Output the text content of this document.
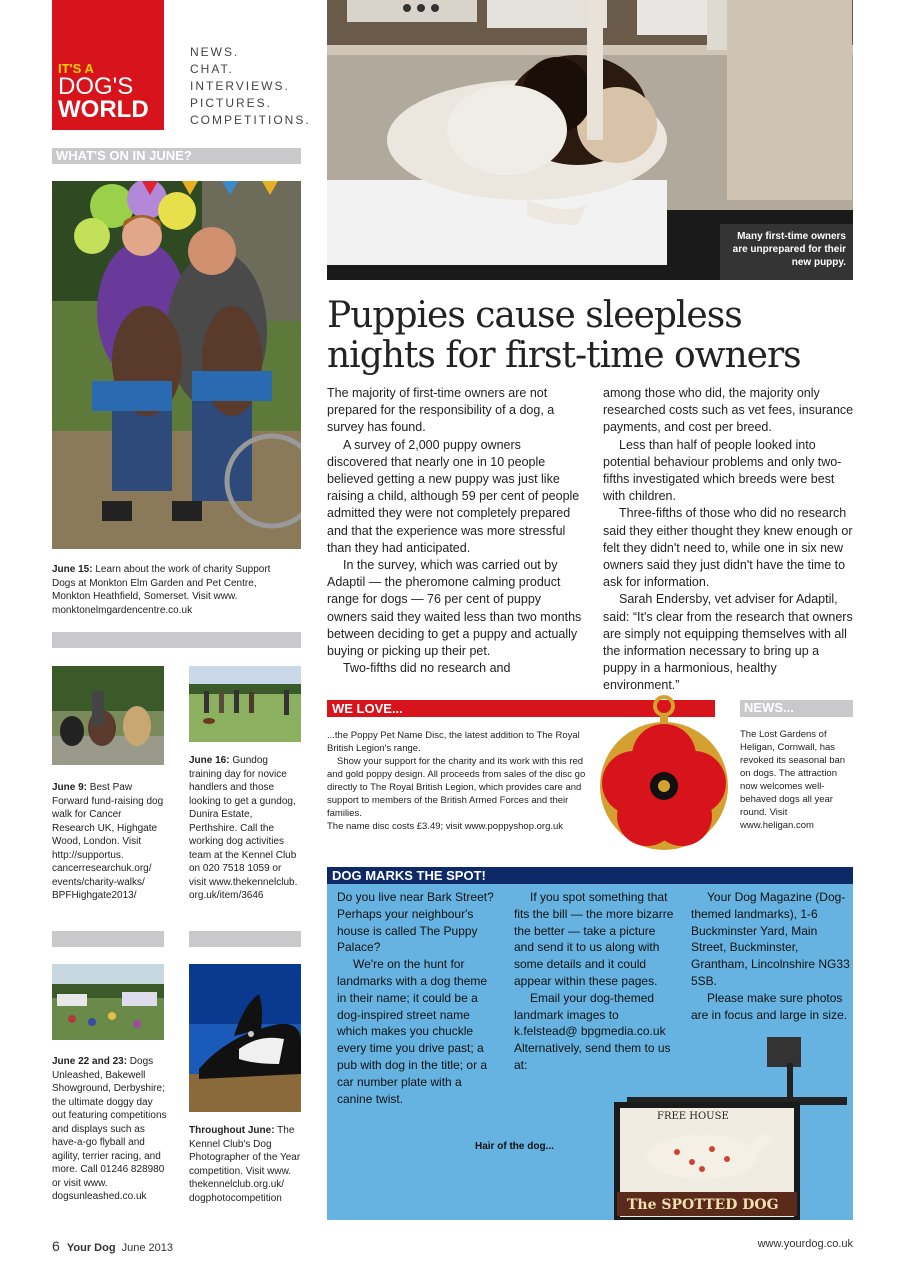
IT'S A
DOG'S
WORLD
NEWS.
CHAT.
INTERVIEWS.
PICTURES.
COMPETITIONS.
WHAT'S ON IN JUNE?
June 15: Learn about the work of charity Support Dogs at Monkton Elm Garden and Pet Centre, Monkton Heathfield, Somerset. Visit www. monktonelmgardencentre.co.uk
June 9: Best Paw Forward fund-raising dog walk for Cancer Research UK, Highgate Wood, London. Visit http://supportus. cancerresearchuk.org/ events/charity-walks/ BPFHighgate2013/
June 16: Gundog training day for novice handlers and those looking to get a gundog, Dunira Estate, Perthshire. Call the working dog activities team at the Kennel Club on 020 7518 1059 or visit www.thekennelclub. org.uk/item/3646
June 22 and 23: Dogs Unleashed, Bakewell Showground, Derbyshire; the ultimate doggy day out featuring competitions and displays such as have-a-go flyball and agility, terrier racing, and more. Call 01246 828980 or visit www. dogsunleashed.co.uk
Throughout June: The Kennel Club's Dog Photographer of the Year competition. Visit www. thekennelclub.org.uk/ dogphotocompetition
Many first-time owners are unprepared for their new puppy.
Puppies cause sleepless nights for first-time owners

The majority of first-time owners are not prepared for the responsibility of a dog, a survey has found.

A survey of 2,000 puppy owners discovered that nearly one in 10 people believed getting a new puppy was just like raising a child, although 59 per cent of people admitted they were not completely prepared and that the experience was more stressful than they had anticipated.

In the survey, which was carried out by Adaptil — the pheromone calming product range for dogs — 76 per cent of puppy owners said they waited less than two months between deciding to get a puppy and actually buying or picking up their pet.

Two-fifths did no research and

among those who did, the majority only researched costs such as vet fees, insurance payments, and cost per breed.

Less than half of people looked into potential behaviour problems and only two-fifths investigated which breeds were best with children.

Three-fifths of those who did no research said they either thought they knew enough or felt they didn't need to, while one in six new owners said they just didn't have the time to ask for information.

Sarah Endersby, vet adviser for Adaptil, said: “It's clear from the research that owners are simply not equipping themselves with all the information necessary to bring up a puppy in a harmonious, healthy environment.”

WE LOVE...	NEWS...

...the Poppy Pet Name Disc, the latest addition to The Royal British Legion's range.

Show your support for the charity and its work with this red and gold poppy design. All proceeds from sales of the disc go directly to The Royal British Legion, which provides care and support to members of the British Armed Forces and their families.

The name disc costs £3.49; visit www.poppyshop.org.uk

The Lost Gardens of Heligan, Cornwall, has revoked its seasonal ban on dogs. The attraction now welcomes well-behaved dogs all year round. Visit www.heligan.com
DOG MARKS THE SPOT!
FREE HOUSE
The SPOTTED DOG

Do you live near Bark Street? Perhaps your neighbour's house is called The Puppy Palace?

We're on the hunt for landmarks with a dog theme in their name; it could be a dog-inspired street name which makes you chuckle every time you drive past; a pub with dog in the title; or a car number plate with a canine twist.

If you spot something that fits the bill — the more bizarre the better — take a picture and send it to us along with some details and it could appear within these pages.

Email your dog-themed landmark images to k.felstead@ bpgmedia.co.uk Alternatively, send them to us at:

Your Dog Magazine (Dog-themed landmarks), 1-6 Buckminster Yard, Main Street, Buckminster, Grantham, Lincolnshire NG33 5SB.

Please make sure photos are in focus and large in size.

Hair of the dog...
6 Your Dog June 2013	www.yourdog.co.uk
